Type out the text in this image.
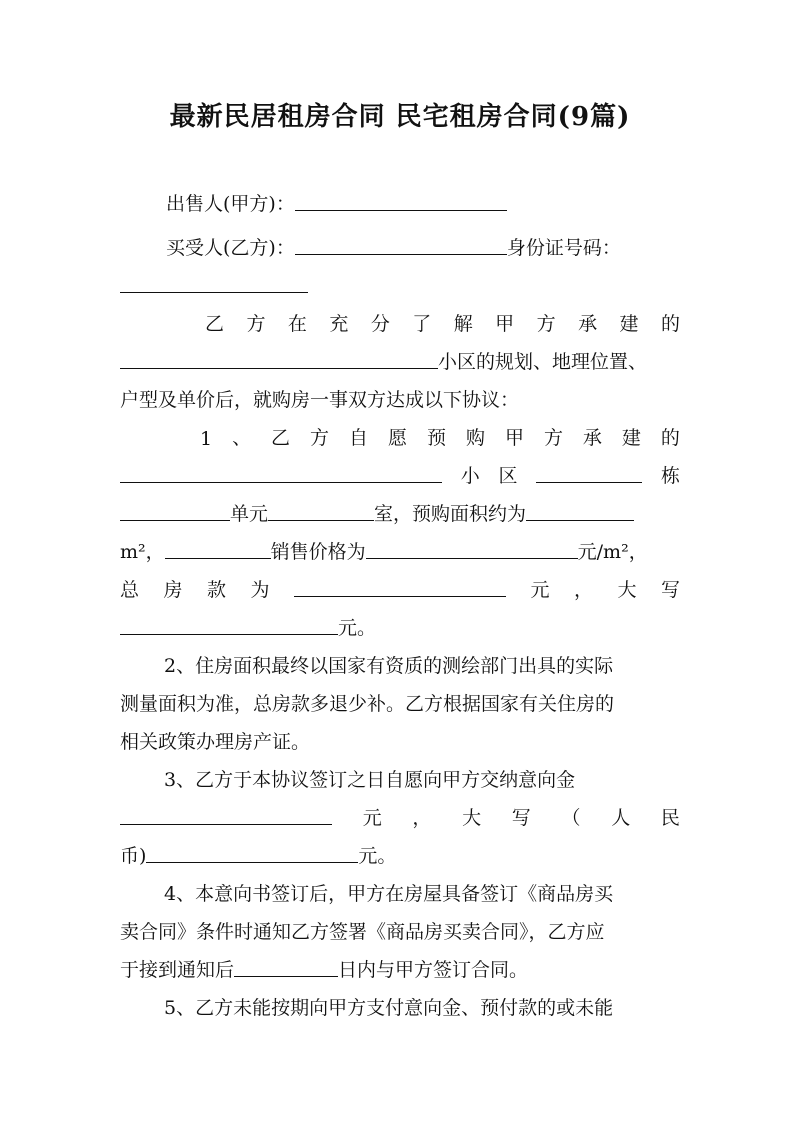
最新民居租房合同 民宅租房合同(9篇)
出售人(甲方)：
买受人(乙方)：	身份证号码：
乙 方 在 充 分 了 解 甲 方 承 建 的
小区的规划、地理位置、
户型及单价后，就购房一事双方达成以下协议：
1 、 乙 方 自 愿 预 购 甲 方 承 建 的
小 区	栋
单元	室，预购面积约为
m²，	销售价格为	元/m²，
总 房 款 为	元 ， 大 写
元。
2、住房面积最终以国家有资质的测绘部门出具的实际
测量面积为准，总房款多退少补。乙方根据国家有关住房的
相关政策办理房产证。
3、乙方于本协议签订之日自愿向甲方交纳意向金
元 ， 大 写 （ 人 民
币)	元。
4、本意向书签订后，甲方在房屋具备签订《商品房买
卖合同》条件时通知乙方签署《商品房买卖合同》，乙方应
于接到通知后	日内与甲方签订合同。
5、乙方未能按期向甲方支付意向金、预付款的或未能
